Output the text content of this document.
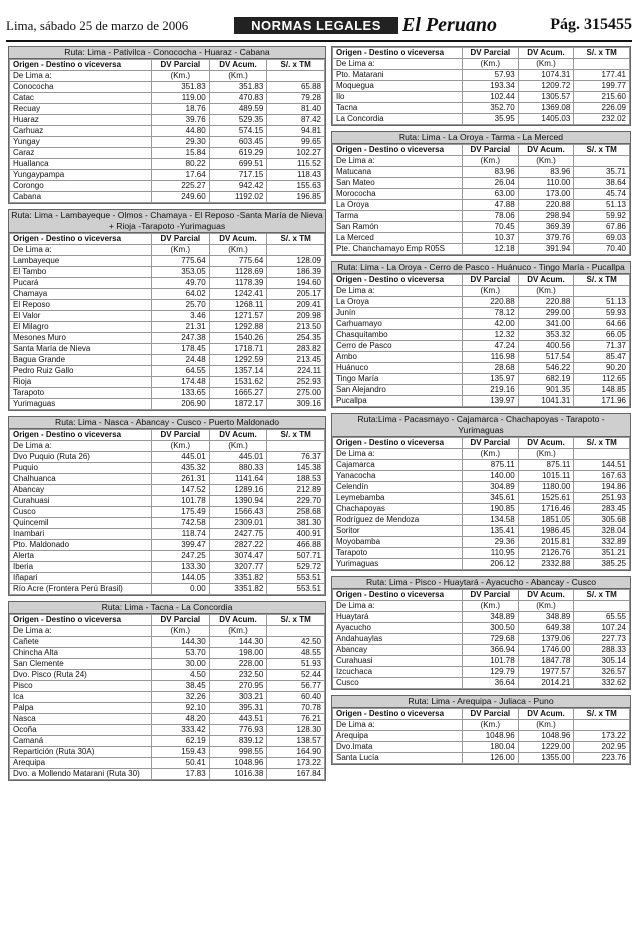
Lima, sábado 25 de marzo de 2006	NORMAS LEGALES	El Peruano	Pág. 315455
Ruta: Lima - Pativilca - Conococha - Huaraz - Cabana
Origen - Destino o viceversa	DV Parcial	DV Acum.	S/. x TM
De Lima a:	(Km.)	(Km.)	
Conococha	351.83	351.83	65.88
Catac	119.00	470.83	79.28
Recuay	18.76	489.59	81.40
Huaraz	39.76	529.35	87.42
Carhuaz	44.80	574.15	94.81
Yungay	29.30	603.45	99.65
Caraz	15.84	619.29	102.27
Huallanca	80.22	699.51	115.52
Yungaypampa	17.64	717.15	118.43
Corongo	225.27	942.42	155.63
Cabana	249.60	1192.02	196.85
Ruta: Lima - Lambayeque - Olmos - Chamaya - El Reposo -Santa María de Nieva + Rioja -Tarapoto -Yurimaguas
Origen - Destino o viceversa	DV Parcial	DV Acum.	S/. x TM
De Lima a:	(Km.)	(Km.)	
Lambayeque	775.64	775.64	128.09
El Tambo	353.05	1128.69	186.39
Pucará	49.70	1178.39	194.60
Chamaya	64.02	1242.41	205.17
El Reposo	25.70	1268.11	209.41
El Valor	3.46	1271.57	209.98
El Milagro	21.31	1292.88	213.50
Mesones Muro	247.38	1540.26	254.35
Santa María de Nieva	178.45	1718.71	283.82
Bagua Grande	24.48	1292.59	213.45
Pedro Ruiz Gallo	64.55	1357.14	224.11
Rioja	174.48	1531.62	252.93
Tarapoto	133.65	1665.27	275.00
Yurimaguas	206.90	1872.17	309.16
Ruta: Lima - Nasca - Abancay - Cusco - Puerto Maldonado
Origen - Destino o viceversa	DV Parcial	DV Acum.	S/. x TM
De Lima a:	(Km.)	(Km.)	
Dvo Puquio (Ruta 26)	445.01	445.01	76.37
Puquio	435.32	880.33	145.38
Chalhuanca	261.31	1141.64	188.53
Abancay	147.52	1289.16	212.89
Curahuasi	101.78	1390.94	229.70
Cusco	175.49	1566.43	258.68
Quincemil	742.58	2309.01	381.30
Inambari	118.74	2427.75	400.91
Pto. Maldonado	399.47	2827.22	466.88
Alerta	247.25	3074.47	507.71
Iberia	133.30	3207.77	529.72
Iñapari	144.05	3351.82	553.51
Río Acre (Frontera Perú Brasil)	0.00	3351.82	553.51
Ruta: Lima - Tacna - La Concordia
Origen - Destino o viceversa	DV Parcial	DV Acum.	S/. x TM
De Lima a:	(Km.)	(Km.)	
Cañete	144.30	144.30	42.50
Chincha Alta	53.70	198.00	48.55
San Clemente	30.00	228.00	51.93
Dvo. Pisco (Ruta 24)	4.50	232.50	52.44
Pisco	38.45	270.95	56.77
Ica	32.26	303.21	60.40
Palpa	92.10	395.31	70.78
Nasca	48.20	443.51	76.21
Ocoña	333.42	776.93	128.30
Camaná	62.19	839.12	138.57
Repartición (Ruta 30A)	159.43	998.55	164.90
Arequipa	50.41	1048.96	173.22
Dvo. a Mollendo Matarani (Ruta 30)	17.83	1016.38	167.84
Origen - Destino o viceversa	DV Parcial	DV Acum.	S/. x TM
De Lima a:	(Km.)	(Km.)	
Pto. Matarani	57.93	1074.31	177.41
Moquegua	193.34	1209.72	199.77
Ilo	102.44	1305.57	215.60
Tacna	352.70	1369.08	226.09
La Concordia	35.95	1405.03	232.02
Ruta: Lima - La Oroya - Tarma - La Merced
Origen - Destino o viceversa	DV Parcial	DV Acum.	S/. x TM
De Lima a:	(Km.)	(Km.)	
Matucana	83.96	83.96	35.71
San Mateo	26.04	110.00	38.64
Morococha	63.00	173.00	45.74
La Oroya	47.88	220.88	51.13
Tarma	78.06	298.94	59.92
San Ramón	70.45	369.39	67.86
La Merced	10.37	379.76	69.03
Pte. Chanchamayo Emp R05S	12.18	391.94	70.40
Ruta: Lima - La Oroya - Cerro de Pasco - Huánuco - Tingo María - Pucallpa
Origen - Destino o viceversa	DV Parcial	DV Acum.	S/. x TM
De Lima a:	(Km.)	(Km.)	
La Oroya	220.88	220.88	51.13
Junín	78.12	299.00	59.93
Carhuamayo	42.00	341.00	64.66
Chasquitambo	12.32	353.32	66.05
Cerro de Pasco	47.24	400.56	71.37
Ambo	116.98	517.54	85.47
Huánuco	28.68	546.22	90.20
Tingo María	135.97	682.19	112.65
San Alejandro	219.16	901.35	148.85
Pucallpa	139.97	1041.31	171.96
Ruta:Lima - Pacasmayo - Cajamarca - Chachapoyas - Tarapoto - Yurimaguas
Origen - Destino o viceversa	DV Parcial	DV Acum.	S/. x TM
De Lima a:	(Km.)	(Km.)	
Cajamarca	875.11	875.11	144.51
Yanacocha	140.00	1015.11	167.63
Celendín	304.89	1180.00	194.86
Leymebamba	345.61	1525.61	251.93
Chachapoyas	190.85	1716.46	283.45
Rodríguez de Mendoza	134.58	1851.05	305.68
Soritor	135.41	1986.45	328.04
Moyobamba	29.36	2015.81	332.89
Tarapoto	110.95	2126.76	351.21
Yurimaguas	206.12	2332.88	385.25
Ruta: Lima - Pisco - Huaytará - Ayacucho - Abancay - Cusco
Origen - Destino o viceversa	DV Parcial	DV Acum.	S/. x TM
De Lima a:	(Km.)	(Km.)	
Huaytará	348.89	348.89	65.55
Ayacucho	300.50	649.38	107.24
Andahuaylas	729.68	1379.06	227.73
Abancay	366.94	1746.00	288.33
Curahuasi	101.78	1847.78	305.14
Izcuchaca	129.79	1977.57	326.57
Cusco	36.64	2014.21	332.62
Ruta: Lima - Arequipa - Juliaca - Puno
Origen - Destino o viceversa	DV Parcial	DV Acum.	S/. x TM
De Lima a:	(Km.)	(Km.)	
Arequipa	1048.96	1048.96	173.22
Dvo.Imata	180.04	1229.00	202.95
Santa Lucía	126.00	1355.00	223.76
